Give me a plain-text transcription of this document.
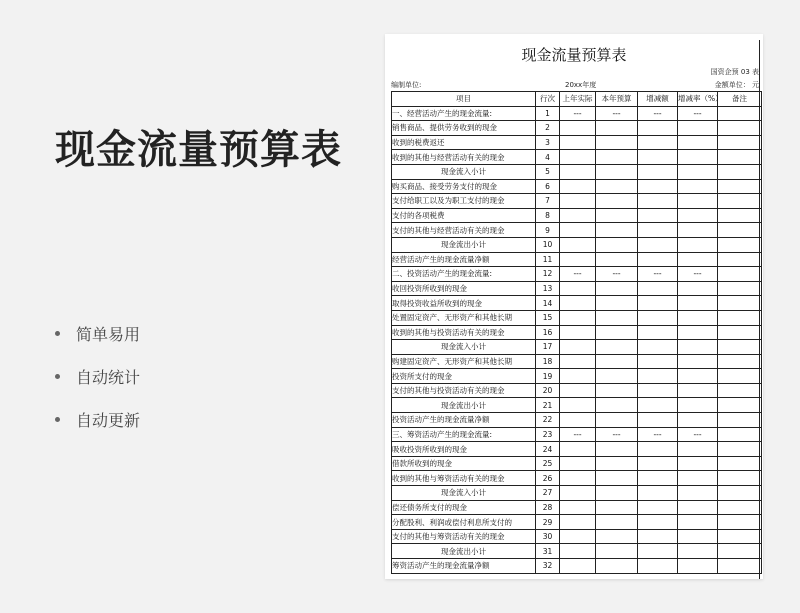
现金流量预算表
简单易用
自动统计
自动更新
现金流量预算表
国资企预 03 表
编制单位:	20xx年度	金额单位： 元
项目	行次	上年实际	本年预算	增减额	增减率（%）	备注
一、经营活动产生的现金流量:	1	---	---	---	---	
销售商品、提供劳务收到的现金	2					
收到的税费返还	3					
收到的其他与经营活动有关的现金	4					
现金流入小计	5					
购买商品、接受劳务支付的现金	6					
支付给职工以及为职工支付的现金	7					
支付的各项税费	8					
支付的其他与经营活动有关的现金	9					
现金流出小计	10					
经营活动产生的现金流量净额	11					
二、投资活动产生的现金流量:	12	---	---	---	---	
收回投资所收到的现金	13					
取得投资收益所收到的现金	14					
处置固定资产、无形资产和其他长期	15					
收到的其他与投资活动有关的现金	16					
现金流入小计	17					
购建固定资产、无形资产和其他长期	18					
投资所支付的现金	19					
支付的其他与投资活动有关的现金	20					
现金流出小计	21					
投资活动产生的现金流量净额	22					
三、筹资活动产生的现金流量:	23	---	---	---	---	
吸收投资所收到的现金	24					
借款所收到的现金	25					
收到的其他与筹资活动有关的现金	26					
现金流入小计	27					
偿还债务所支付的现金	28					
分配股利、利润或偿付利息所支付的	29					
支付的其他与筹资活动有关的现金	30					
现金流出小计	31					
筹资活动产生的现金流量净额	32					
